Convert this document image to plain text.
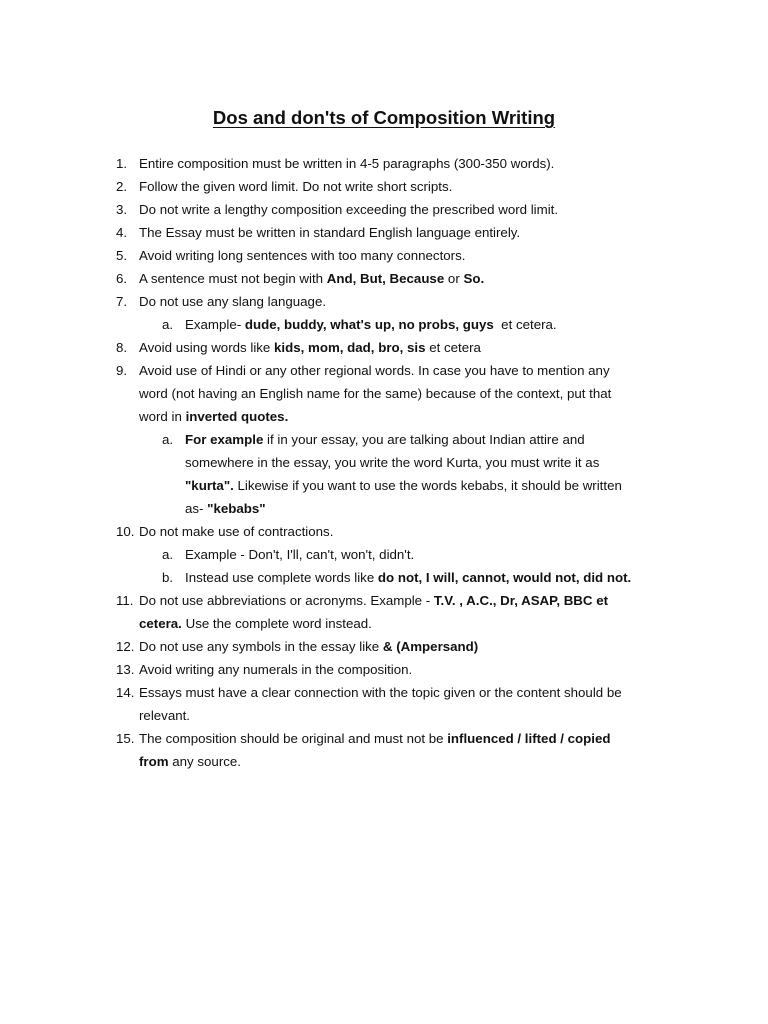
Dos and don'ts of Composition Writing
1. Entire composition must be written in 4-5 paragraphs (300-350 words).
2. Follow the given word limit. Do not write short scripts.
3. Do not write a lengthy composition exceeding the prescribed word limit.
4. The Essay must be written in standard English language entirely.
5. Avoid writing long sentences with too many connectors.
6. A sentence must not begin with And, But, Because or So.
7. Do not use any slang language.
a. Example- dude, buddy, what's up, no probs, guys  et cetera.
8. Avoid using words like kids, mom, dad, bro, sis et cetera
9. Avoid use of Hindi or any other regional words. In case you have to mention any
word (not having an English name for the same) because of the context, put that
word in inverted quotes.
a. For example if in your essay, you are talking about Indian attire and
somewhere in the essay, you write the word Kurta, you must write it as
"kurta". Likewise if you want to use the words kebabs, it should be written
as- "kebabs"
10. Do not make use of contractions.
a. Example - Don't, I'll, can't, won't, didn't.
b. Instead use complete words like do not, I will, cannot, would not, did not.
11. Do not use abbreviations or acronyms. Example - T.V. , A.C., Dr, ASAP, BBC et
cetera. Use the complete word instead.
12. Do not use any symbols in the essay like & (Ampersand)
13. Avoid writing any numerals in the composition.
14. Essays must have a clear connection with the topic given or the content should be
relevant.
15. The composition should be original and must not be influenced / lifted / copied
from any source.
